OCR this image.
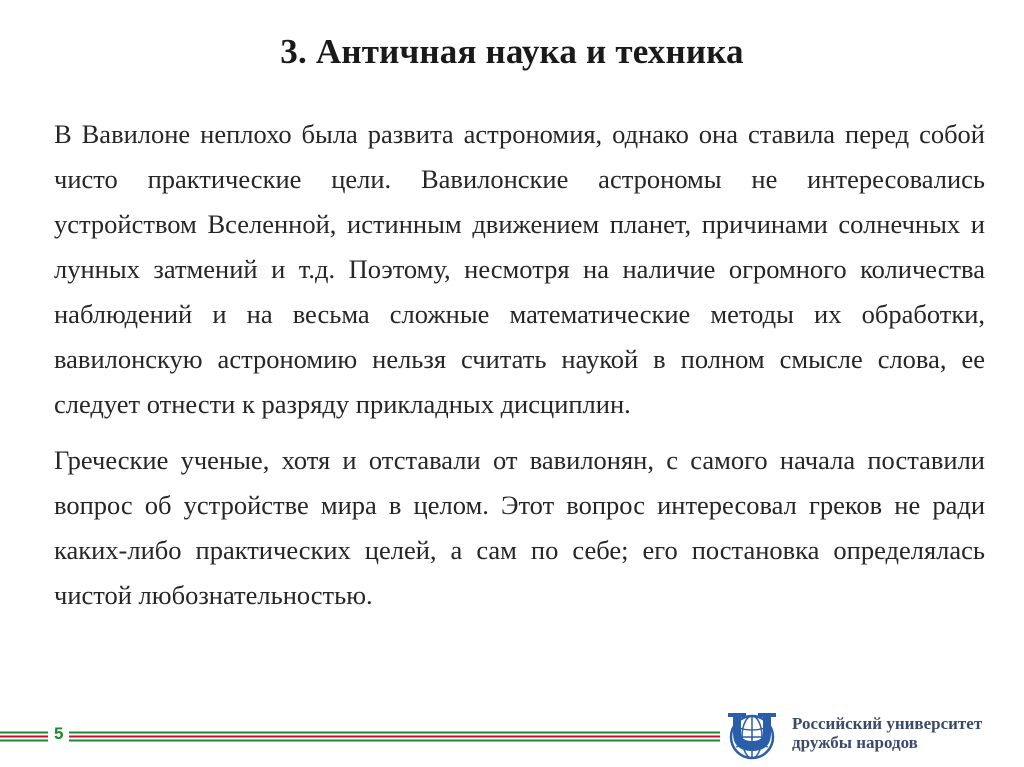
3. Античная наука и техника

В Вавилоне неплохо была развита астрономия, однако она ставила перед собой чисто практические цели. Вавилонские астрономы не интересовались устройством Вселенной, истинным движением планет, причинами солнечных и лунных затмений и т.д. Поэтому, несмотря на наличие огромного количества наблюдений и на весьма сложные математические методы их обработки, вавилонскую астрономию нельзя считать наукой в полном смысле слова, ее следует отнести к разряду прикладных дисциплин.

Греческие ученые, хотя и отставали от вавилонян, с самого начала поставили вопрос об устройстве мира в целом. Этот вопрос интересовал греков не ради каких-либо практических целей, а сам по себе; его постановка определялась чистой любознательностью.

5
Российский университет
дружбы народов
